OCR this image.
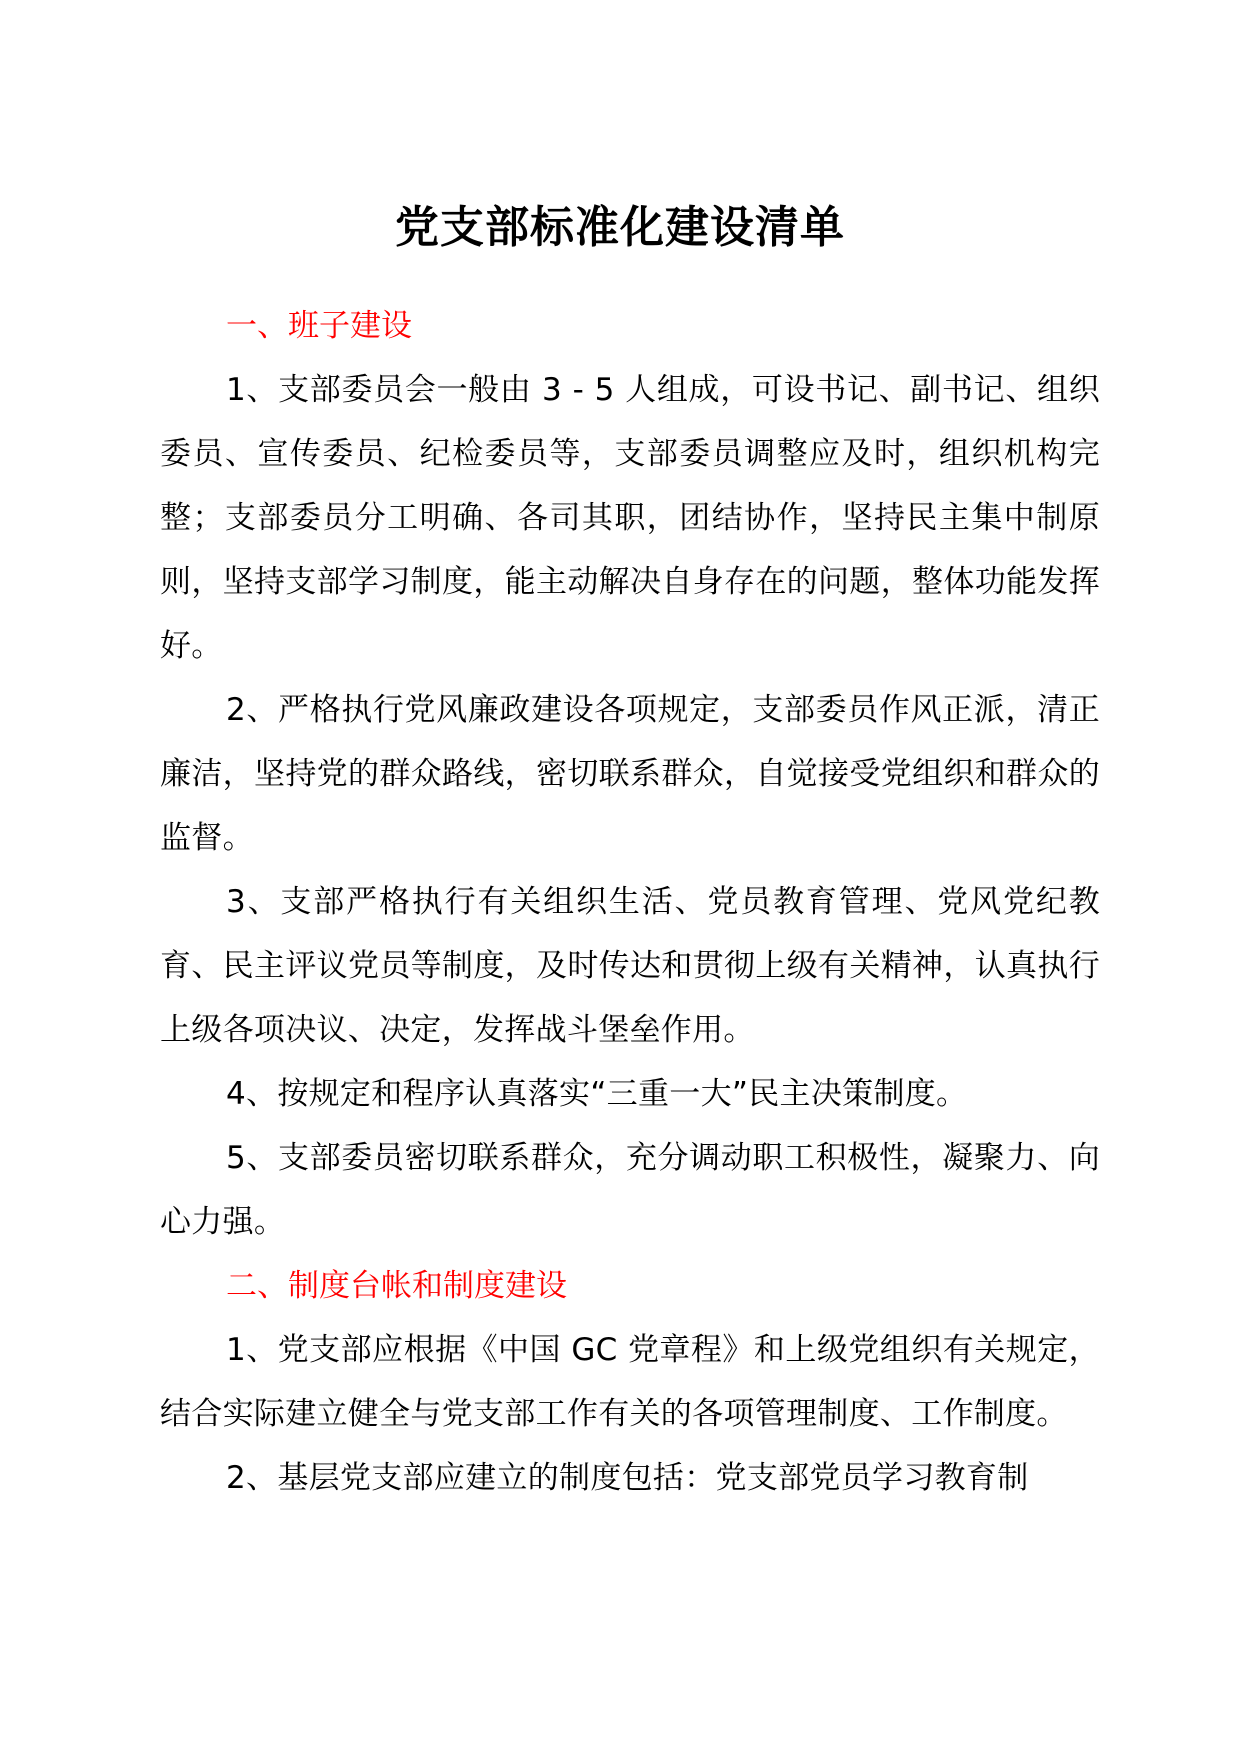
党支部标准化建设清单
一、班子建设

1、支部委员会一般由 3 - 5 人组成，可设书记、副书记、组织委员、宣传委员、纪检委员等，支部委员调整应及时，组织机构完整；支部委员分工明确、各司其职，团结协作，坚持民主集中制原则，坚持支部学习制度，能主动解决自身存在的问题，整体功能发挥好。

2、严格执行党风廉政建设各项规定，支部委员作风正派，清正廉洁，坚持党的群众路线，密切联系群众，自觉接受党组织和群众的监督。

3、支部严格执行有关组织生活、党员教育管理、党风党纪教育、民主评议党员等制度，及时传达和贯彻上级有关精神，认真执行上级各项决议、决定，发挥战斗堡垒作用。

4、按规定和程序认真落实“三重一大”民主决策制度。

5、支部委员密切联系群众，充分调动职工积极性，凝聚力、向心力强。

二、制度台帐和制度建设

1、党支部应根据《中国 GC 党章程》和上级党组织有关规定，结合实际建立健全与党支部工作有关的各项管理制度、工作制度。

2、基层党支部应建立的制度包括：党支部党员学习教育制
